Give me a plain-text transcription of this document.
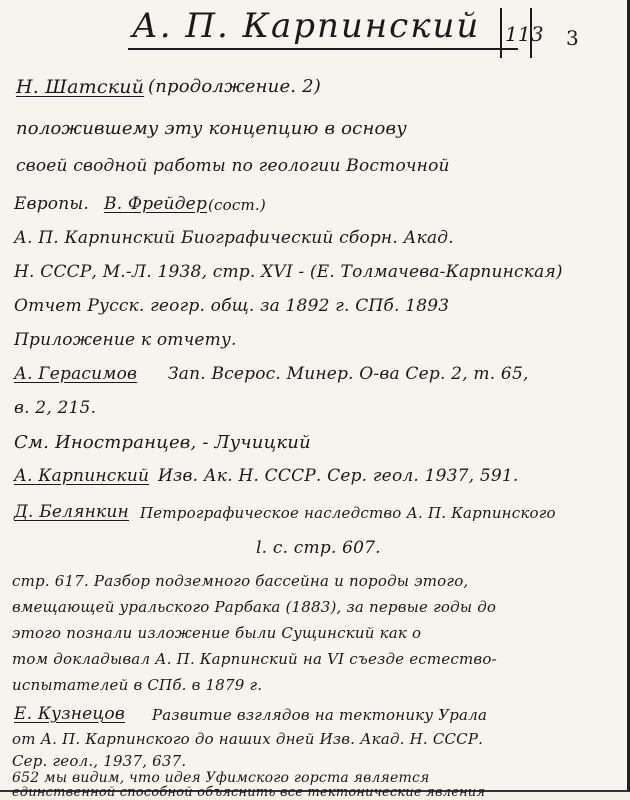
А. П. Карпинский 113 3
Н. Шатский (продолжение. 2)
положившему эту концепцию в основу
своей сводной работы по геологии Восточной
Европы. В. Фрейдер (сост.)
А. П. Карпинский Биографический сборн. Акад.
Н. СССР, М.-Л. 1938, стр. XVI - (Е. Толмачева-Карпинская)
Отчет Русск. геогр. общ. за 1892 г. СПб. 1893
Приложение к отчету.
А. Герасимов Зап. Всерос. Минер. О-ва Сер. 2, т. 65,
в. 2, 215.
См. Иностранцев, - Лучицкий
А. Карпинский Изв. Ак. Н. СССР. Сер. геол. 1937, 591.
Д. Белянкин Петрографическое наследство А. П. Карпинского
l. c. стр. 607.
стр. 617. Разбор подземного бассейна и породы этого,
вмещающей уральского Рарбака (1883), за первые годы до
этого познали изложение были Сущинский как о
том докладывал А. П. Карпинский на VI съезде естество-
испытателей в СПб. в 1879 г.
Е. Кузнецов Развитие взглядов на тектонику Урала
от А. П. Карпинского до наших дней Изв. Акад. Н. СССР.
Сер. геол., 1937, 637.
652 мы видим, что идея Уфимского горста является
единственной способной объяснить все тектонические явления
